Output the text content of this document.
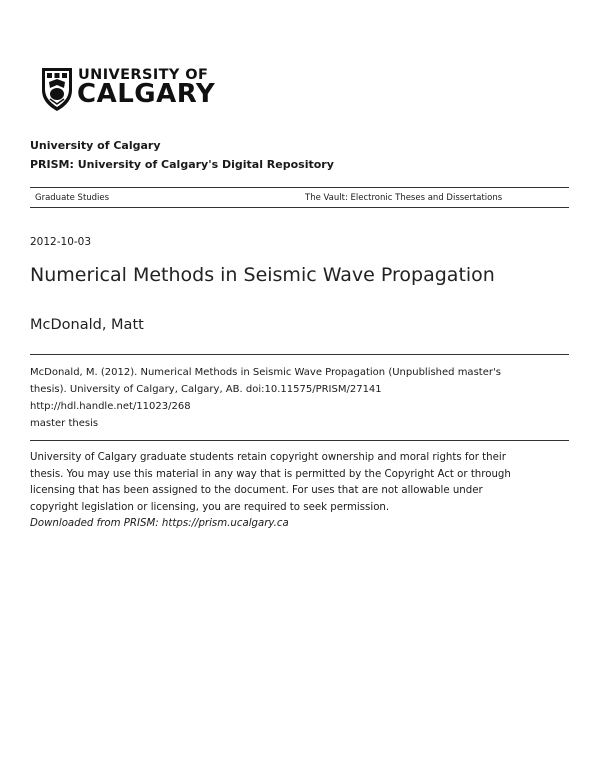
UNIVERSITY OF
CALGARY
University of Calgary
PRISM: University of Calgary's Digital Repository
Graduate Studies	The Vault: Electronic Theses and Dissertations
2012-10-03
Numerical Methods in Seismic Wave Propagation
McDonald, Matt
McDonald, M. (2012). Numerical Methods in Seismic Wave Propagation (Unpublished master's
thesis). University of Calgary, Calgary, AB. doi:10.11575/PRISM/27141
http://hdl.handle.net/11023/268
master thesis
University of Calgary graduate students retain copyright ownership and moral rights for their
thesis. You may use this material in any way that is permitted by the Copyright Act or through
licensing that has been assigned to the document. For uses that are not allowable under
copyright legislation or licensing, you are required to seek permission.
Downloaded from PRISM: https://prism.ucalgary.ca
